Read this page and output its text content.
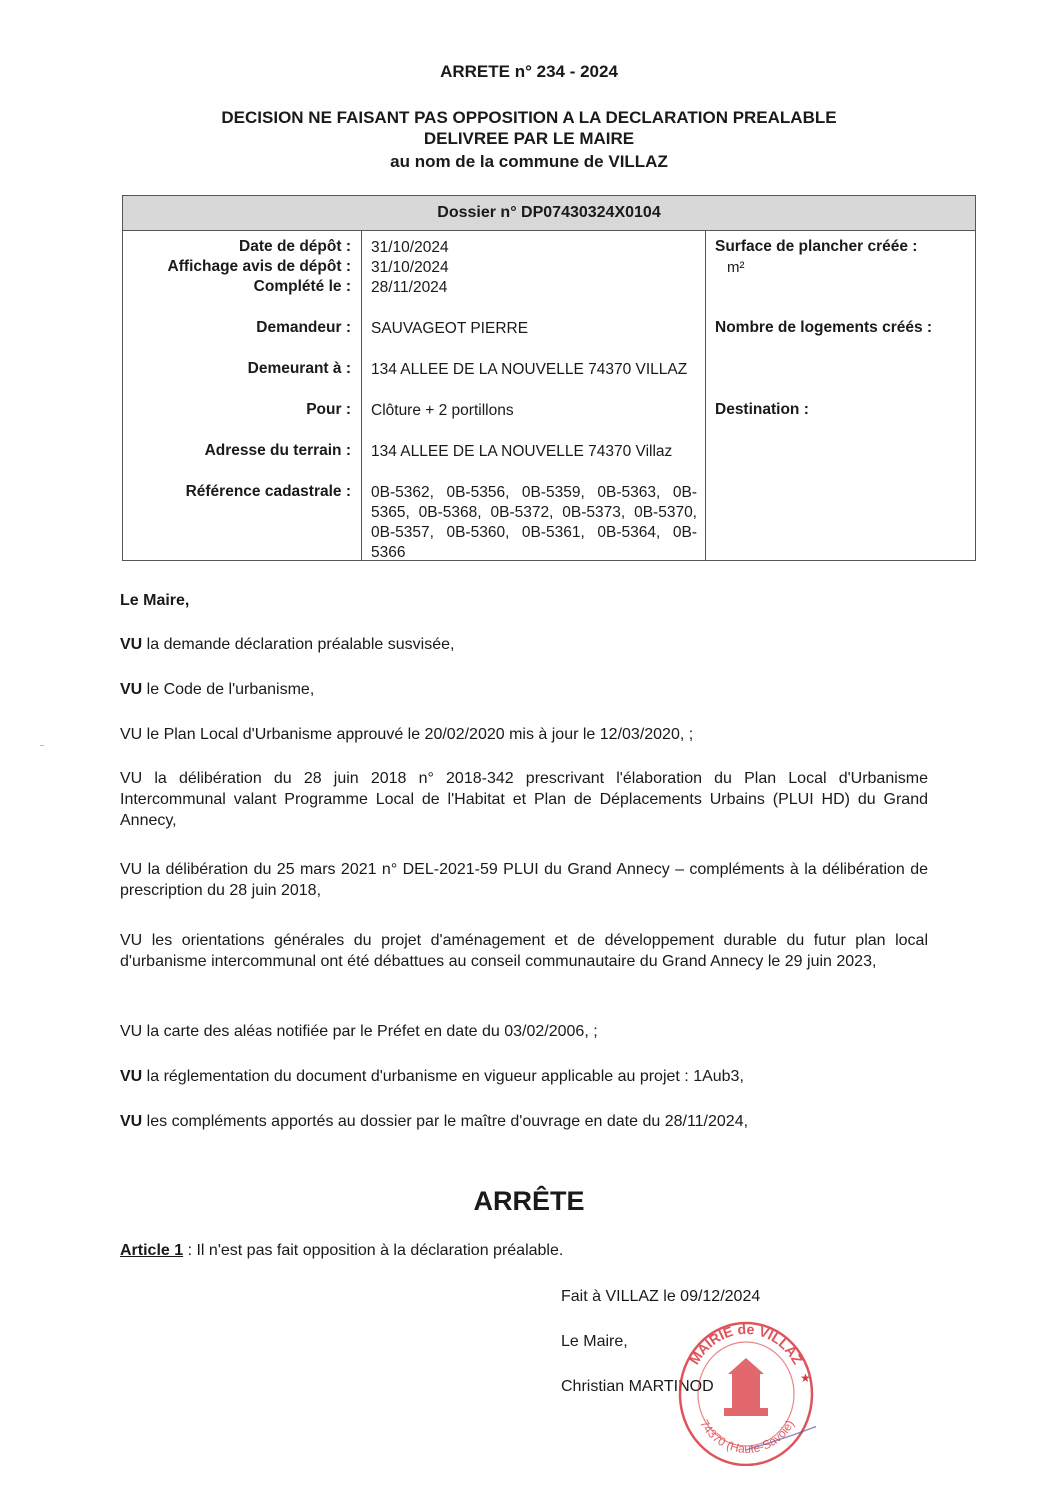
ARRETE n° 234 - 2024
DECISION NE FAISANT PAS OPPOSITION A LA DECLARATION PREALABLE
DELIVREE PAR LE MAIRE
au nom de la commune de VILLAZ
Dossier n° DP07430324X0104
Date de dépôt : 31/10/2024
Affichage avis de dépôt : 31/10/2024
Complété le : 28/11/2024
Demandeur : SAUVAGEOT PIERRE
Demeurant à : 134 ALLEE DE LA NOUVELLE 74370 VILLAZ
Pour : Clôture + 2 portillons
Adresse du terrain : 134 ALLEE DE LA NOUVELLE 74370 Villaz
Référence cadastrale : 0B-5362, 0B-5356, 0B-5359, 0B-5363, 0B-5365, 0B-5368, 0B-5372, 0B-5373, 0B-5370, 0B-5357, 0B-5360, 0B-5361, 0B-5364, 0B-5366
Surface de plancher créée :
m²
Nombre de logements créés :
Destination :
Le Maire,
VU la demande déclaration préalable susvisée,
VU le Code de l'urbanisme,
VU le Plan Local d'Urbanisme approuvé le 20/02/2020 mis à jour le 12/03/2020, ;
VU la délibération du 28 juin 2018 n° 2018-342 prescrivant l'élaboration du Plan Local d'Urbanisme Intercommunal valant Programme Local de l'Habitat et Plan de Déplacements Urbains (PLUI HD) du Grand Annecy,
VU la délibération du 25 mars 2021 n° DEL-2021-59 PLUI du Grand Annecy – compléments à la délibération de prescription du 28 juin 2018,
VU les orientations générales du projet d'aménagement et de développement durable du futur plan local d'urbanisme intercommunal ont été débattues au conseil communautaire du Grand Annecy le 29 juin 2023,
VU la carte des aléas notifiée par le Préfet en date du 03/02/2006, ;
VU la réglementation du document d'urbanisme en vigueur applicable au projet : 1Aub3,
VU les compléments apportés au dossier par le maître d'ouvrage en date du 28/11/2024,
ARRÊTE
Article 1 : Il n'est pas fait opposition à la déclaration préalable.
Fait à VILLAZ le 09/12/2024
Le Maire,
Christian MARTINOD
MAIRIE de VILLAZ
74370 (Haute-Savoie)
★
